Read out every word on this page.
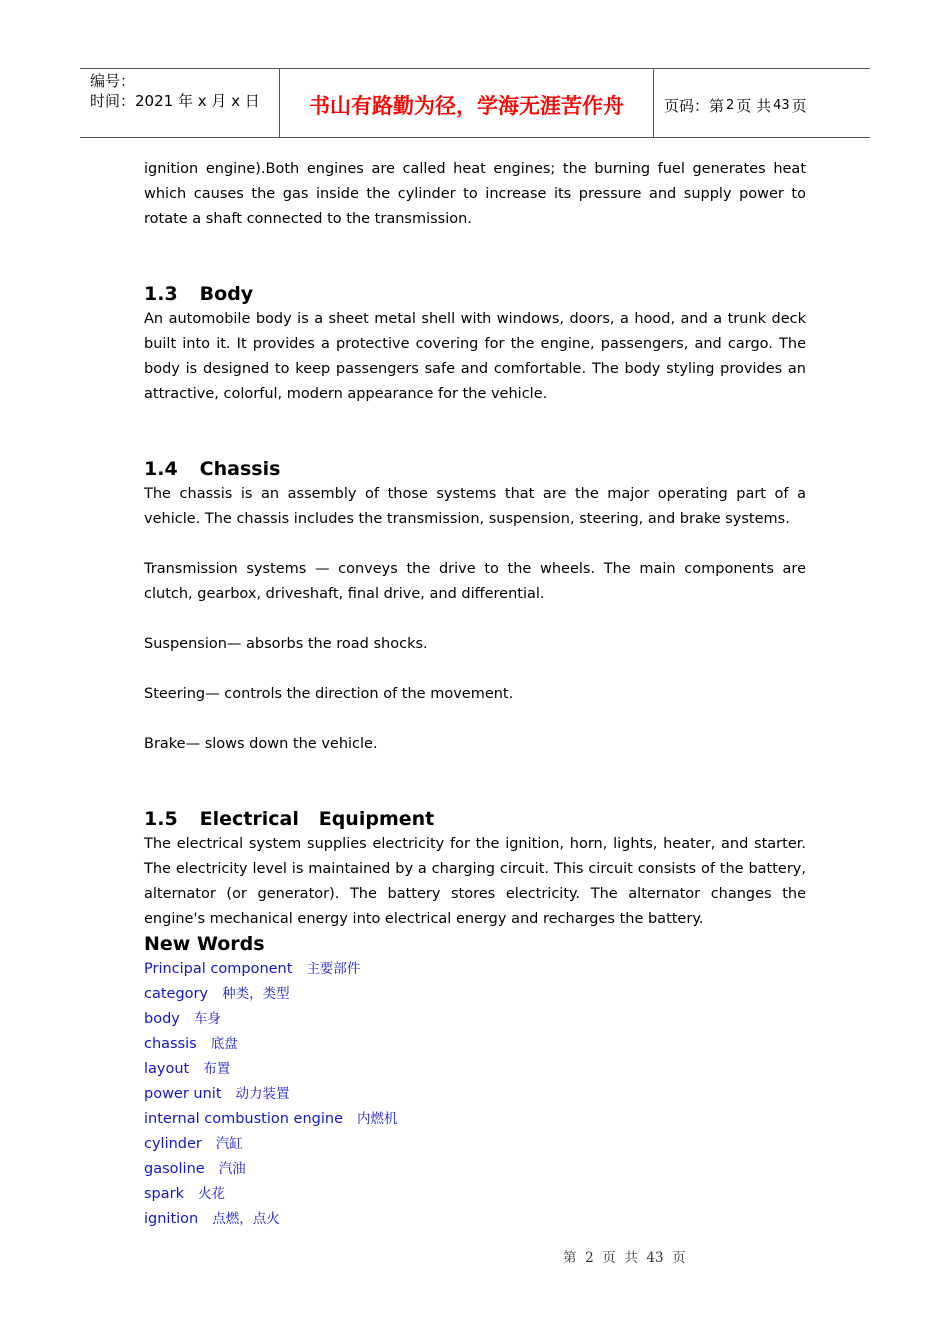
编号：
时间：2021 年 x 月 x 日	书山有路勤为径，学海无涯苦作舟	页码：第 2 页 共 43 页

ignition engine).Both engines are called heat engines; the burning fuel generates heat which causes the gas inside the cylinder to increase its pressure and supply power to rotate a shaft connected to the transmission.

1.3 Body

An automobile body is a sheet metal shell with windows, doors, a hood, and a trunk deck built into it. It provides a protective covering for the engine, passengers, and cargo. The body is designed to keep passengers safe and comfortable. The body styling provides an attractive, colorful, modern appearance for the vehicle.

1.4 Chassis

The chassis is an assembly of those systems that are the major operating part of a vehicle. The chassis includes the transmission, suspension, steering, and brake systems.

Transmission systems — conveys the drive to the wheels. The main components are clutch, gearbox, driveshaft, final drive, and differential.

Suspension— absorbs the road shocks.

Steering— controls the direction of the movement.

Brake— slows down the vehicle.

1.5 Electrical   Equipment

The electrical system supplies electricity for the ignition, horn, lights, heater, and starter. The electricity level is maintained by a charging circuit. This circuit consists of the battery, alternator (or generator). The battery stores electricity. The alternator changes the engine's mechanical energy into electrical energy and recharges the battery.

New Words
Principal component 主要部件
category 种类，类型
body 车身
chassis 底盘
layout 布置
power unit 动力装置
internal combustion engine 内燃机
cylinder 汽缸
gasoline 汽油
spark 火花
ignition 点燃，点火
第  2  页  共  43  页
